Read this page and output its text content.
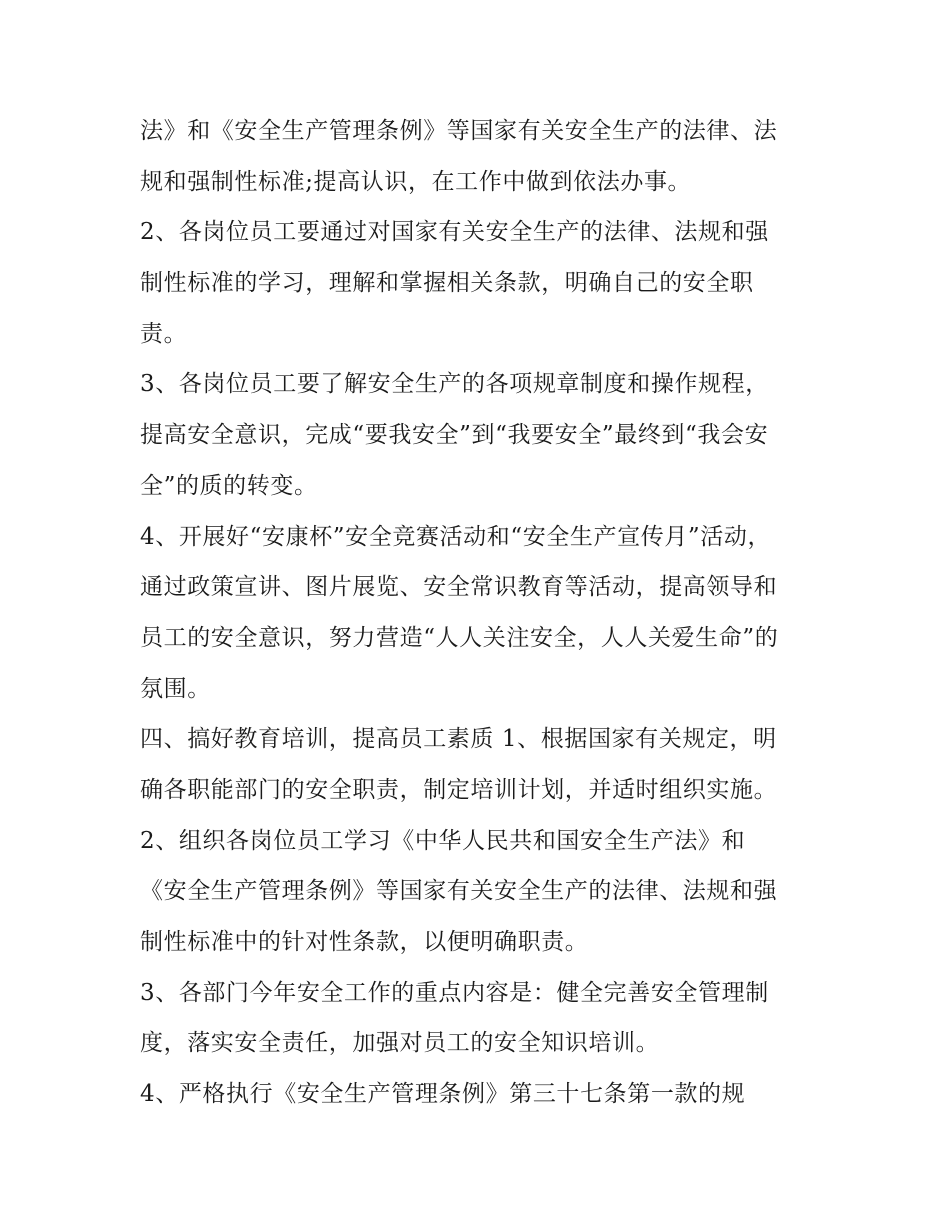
法》和《安全生产管理条例》等国家有关安全生产的法律、法
规和强制性标准;提高认识，在工作中做到依法办事。
2、各岗位员工要通过对国家有关安全生产的法律、法规和强
制性标准的学习，理解和掌握相关条款，明确自己的安全职
责。
3、各岗位员工要了解安全生产的各项规章制度和操作规程，
提高安全意识，完成“要我安全”到“我要安全”最终到“我会安
全”的质的转变。
4、开展好“安康杯”安全竞赛活动和“安全生产宣传月”活动，
通过政策宣讲、图片展览、安全常识教育等活动，提高领导和
员工的安全意识，努力营造“人人关注安全，人人关爱生命”的
氛围。
四、搞好教育培训，提高员工素质 1、根据国家有关规定，明
确各职能部门的安全职责，制定培训计划，并适时组织实施。
2、组织各岗位员工学习《中华人民共和国安全生产法》和
《安全生产管理条例》等国家有关安全生产的法律、法规和强
制性标准中的针对性条款，以便明确职责。
3、各部门今年安全工作的重点内容是：健全完善安全管理制
度，落实安全责任，加强对员工的安全知识培训。
4、严格执行《安全生产管理条例》第三十七条第一款的规
